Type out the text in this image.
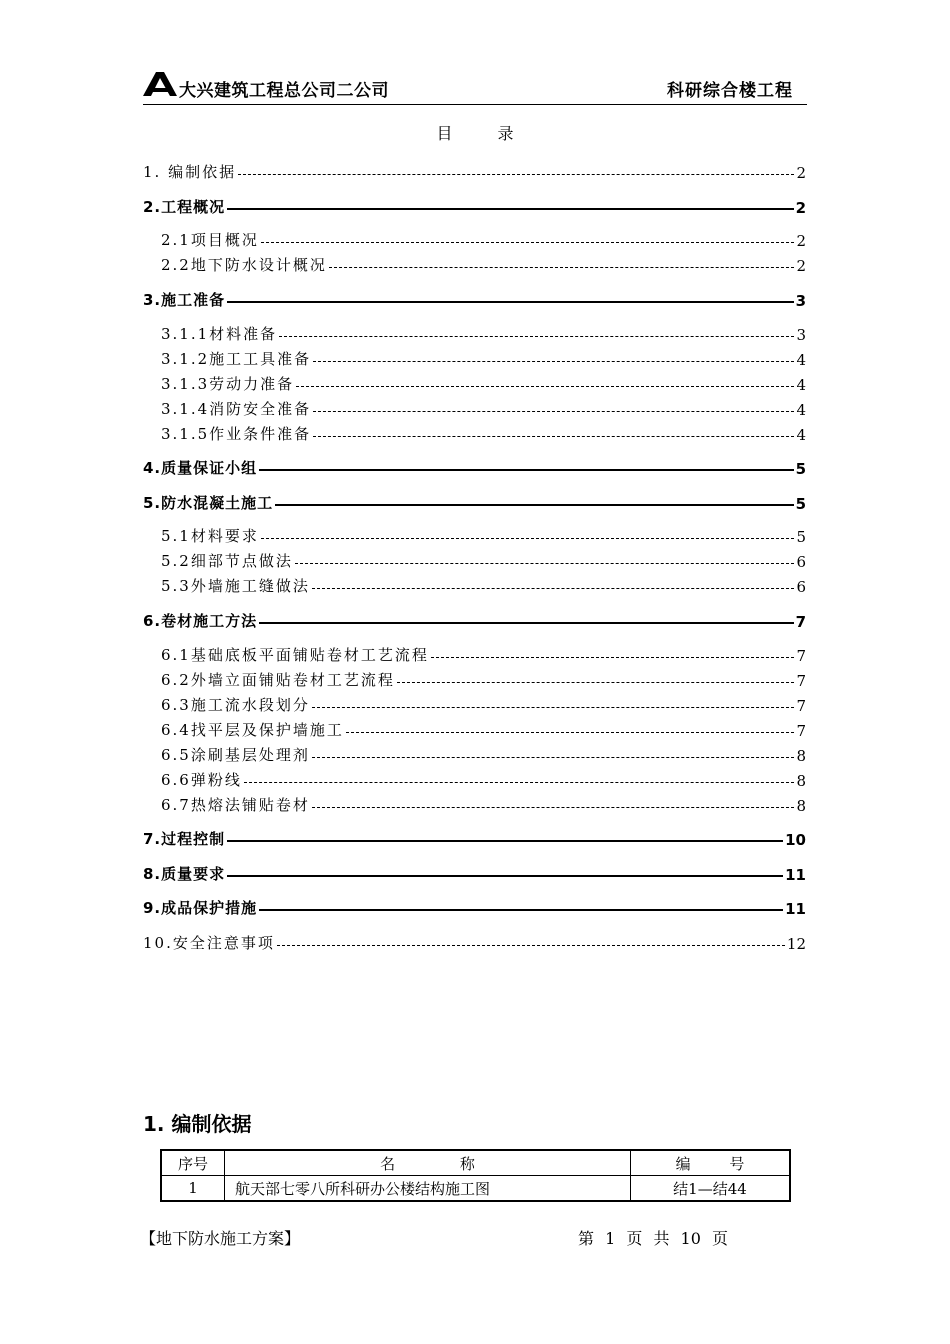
大兴建筑工程总公司二公司	科研综合楼工程
目 录
1. 编制依据	2
2.工程概况	2
2.1项目概况	2
2.2地下防水设计概况	2
3.施工准备	3
3.1.1材料准备	3
3.1.2施工工具准备	4
3.1.3劳动力准备	4
3.1.4消防安全准备	4
3.1.5作业条件准备	4
4.质量保证小组	5
5.防水混凝土施工	5
5.1材料要求	5
5.2细部节点做法	6
5.3外墙施工缝做法	6
6.卷材施工方法	7
6.1基础底板平面铺贴卷材工艺流程	7
6.2外墙立面铺贴卷材工艺流程	7
6.3施工流水段划分	7
6.4找平层及保护墙施工	7
6.5涂刷基层处理剂	8
6.6弹粉线	8
6.7热熔法铺贴卷材	8
7.过程控制	10
8.质量要求	11
9.成品保护措施	11
10.安全注意事项	12
1. 编制依据
序号	名 称	编 号
1	航天部七零八所科研办公楼结构施工图	结1—结44
【地下防水施工方案】	第 1 页 共 10 页
